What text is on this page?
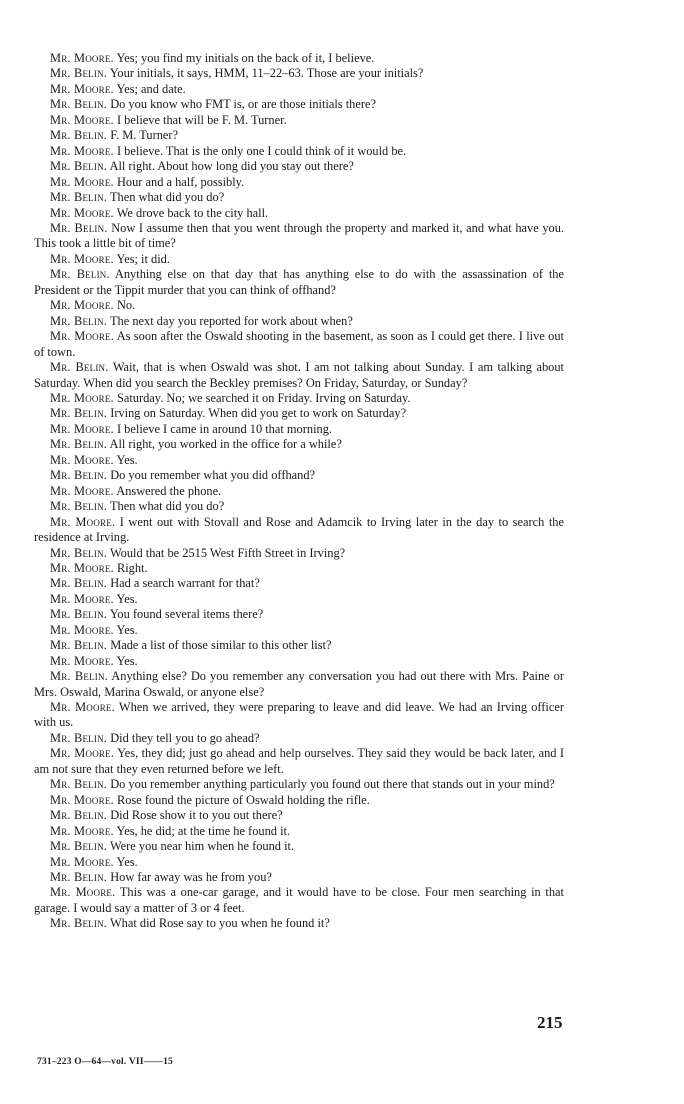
Mr. Moore. Yes; you find my initials on the back of it, I believe.

Mr. Belin. Your initials, it says, HMM, 11–22–63. Those are your initials?

Mr. Moore. Yes; and date.

Mr. Belin. Do you know who FMT is, or are those initials there?

Mr. Moore. I believe that will be F. M. Turner.

Mr. Belin. F. M. Turner?

Mr. Moore. I believe. That is the only one I could think of it would be.

Mr. Belin. All right. About how long did you stay out there?

Mr. Moore. Hour and a half, possibly.

Mr. Belin. Then what did you do?

Mr. Moore. We drove back to the city hall.

Mr. Belin. Now I assume then that you went through the property and marked it, and what have you. This took a little bit of time?

Mr. Moore. Yes; it did.

Mr. Belin. Anything else on that day that has anything else to do with the assassination of the President or the Tippit murder that you can think of offhand?

Mr. Moore. No.

Mr. Belin. The next day you reported for work about when?

Mr. Moore. As soon after the Oswald shooting in the basement, as soon as I could get there. I live out of town.

Mr. Belin. Wait, that is when Oswald was shot. I am not talking about Sunday. I am talking about Saturday. When did you search the Beckley premises? On Friday, Saturday, or Sunday?

Mr. Moore. Saturday. No; we searched it on Friday. Irving on Saturday.

Mr. Belin. Irving on Saturday. When did you get to work on Saturday?

Mr. Moore. I believe I came in around 10 that morning.

Mr. Belin. All right, you worked in the office for a while?

Mr. Moore. Yes.

Mr. Belin. Do you remember what you did offhand?

Mr. Moore. Answered the phone.

Mr. Belin. Then what did you do?

Mr. Moore. I went out with Stovall and Rose and Adamcik to Irving later in the day to search the residence at Irving.

Mr. Belin. Would that be 2515 West Fifth Street in Irving?

Mr. Moore. Right.

Mr. Belin. Had a search warrant for that?

Mr. Moore. Yes.

Mr. Belin. You found several items there?

Mr. Moore. Yes.

Mr. Belin. Made a list of those similar to this other list?

Mr. Moore. Yes.

Mr. Belin. Anything else? Do you remember any conversation you had out there with Mrs. Paine or Mrs. Oswald, Marina Oswald, or anyone else?

Mr. Moore. When we arrived, they were preparing to leave and did leave. We had an Irving officer with us.

Mr. Belin. Did they tell you to go ahead?

Mr. Moore. Yes, they did; just go ahead and help ourselves. They said they would be back later, and I am not sure that they even returned before we left.

Mr. Belin. Do you remember anything particularly you found out there that stands out in your mind?

Mr. Moore. Rose found the picture of Oswald holding the rifle.

Mr. Belin. Did Rose show it to you out there?

Mr. Moore. Yes, he did; at the time he found it.

Mr. Belin. Were you near him when he found it.

Mr. Moore. Yes.

Mr. Belin. How far away was he from you?

Mr. Moore. This was a one-car garage, and it would have to be close. Four men searching in that garage. I would say a matter of 3 or 4 feet.

Mr. Belin. What did Rose say to you when he found it?

215
731–223 O—64—vol. VII——15
